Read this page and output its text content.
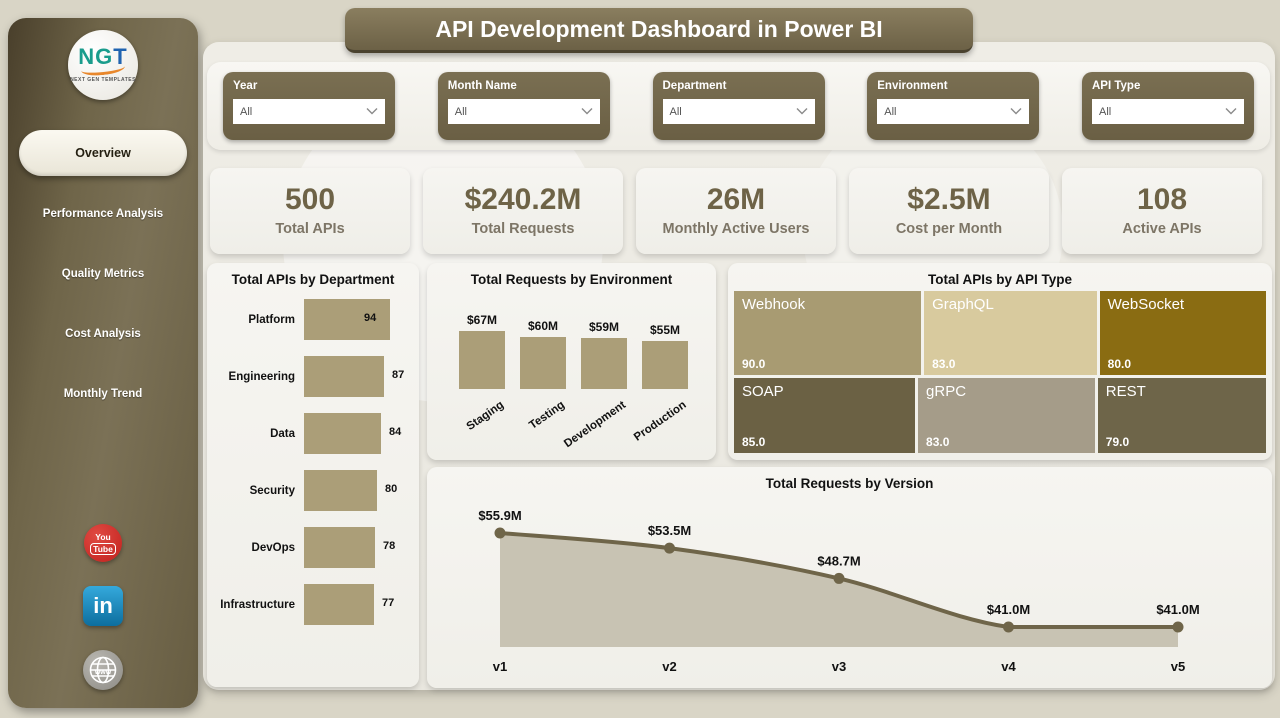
NGT
NEXT GEN TEMPLATES
Overview
Performance Analysis
Quality Metrics
Cost Analysis
Monthly Trend
You
Tube
in
www
API Development Dashboard in Power BI
Year
All
Month Name
All
Department
All
Environment
All
API Type
All
500
Total APIs
$240.2M
Total Requests
26M
Monthly Active Users
$2.5M
Cost per Month
108
Active APIs
Total APIs by Department
Platform	94
Engineering	87
Data	84
Security	80
DevOps	78
Infrastructure	77
Total Requests by Environment
$67M
Staging
$60M
Testing
$59M
Development
$55M
Production
Total APIs by API Type
Webhook
90.0
GraphQL
83.0
WebSocket
80.0
SOAP
85.0
gRPC
83.0
REST
79.0
Total Requests by Version
$55.9M
v1
$53.5M
v2
$48.7M
v3
$41.0M
v4
$41.0M
v5
